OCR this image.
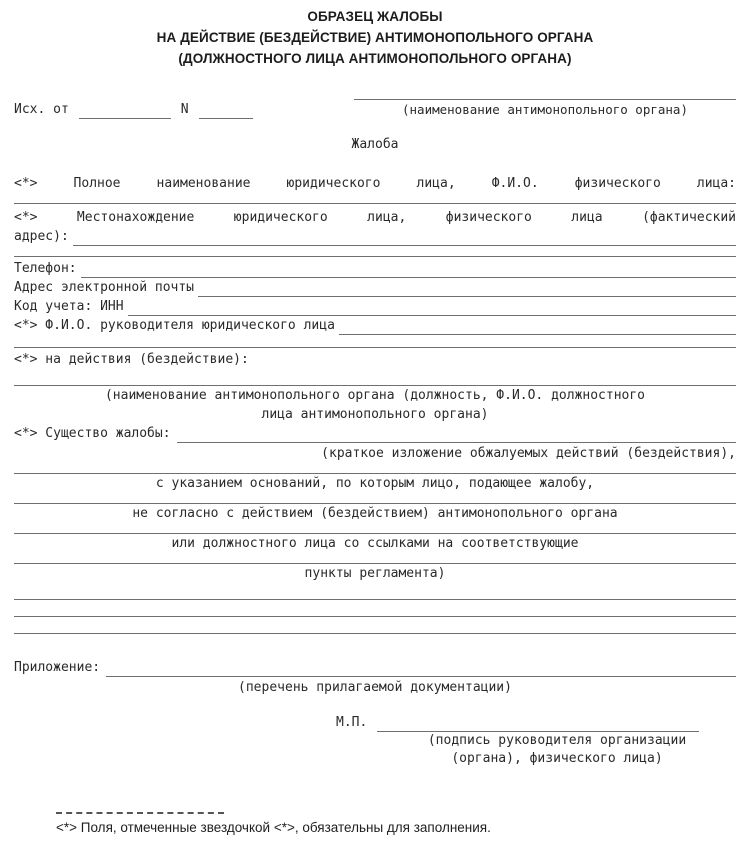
ОБРАЗЕЦ ЖАЛОБЫ
НА ДЕЙСТВИЕ (БЕЗДЕЙСТВИЕ) АНТИМОНОПОЛЬНОГО ОРГАНА
(ДОЛЖНОСТНОГО ЛИЦА АНТИМОНОПОЛЬНОГО ОРГАНА)
Исх. от	N	(наименование антимонопольного органа)
Жалоба
<*> Полное наименование юридического лица, Ф.И.О. физического лица:
<*> Местонахождение юридического лица, физического лица (фактический
адрес):
Телефон:
Адрес электронной почты
Код учета: ИНН
<*> Ф.И.О. руководителя юридического лица
<*> на действия (бездействие):
(наименование антимонопольного органа (должность, Ф.И.О. должностного
лица антимонопольного органа)
<*> Существо жалобы:
(краткое изложение обжалуемых действий (бездействия),
с указанием оснований, по которым лицо, подающее жалобу,
не согласно с действием (бездействием) антимонопольного органа
или должностного лица со ссылками на соответствующие
пункты регламента)
Приложение:
(перечень прилагаемой документации)
М.П.
(подпись руководителя организации
(органа), физического лица)
<*> Поля, отмеченные звездочкой <*>, обязательны для заполнения.
